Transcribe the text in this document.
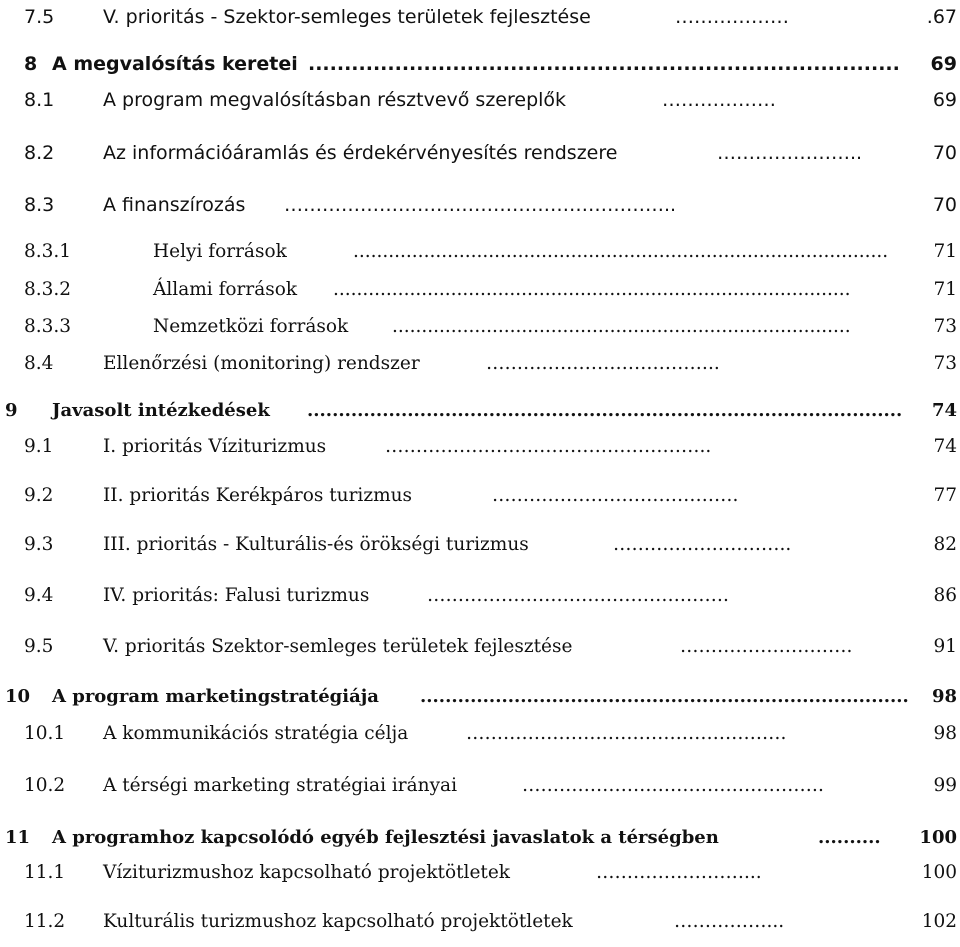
7.5	V. prioritás - Szektor-semleges területek fejlesztése	………………	.67
8 A megvalósítás keretei ..................................................................................	69
8.1	A program megvalósításban résztvevő szereplők	………………	69
8.2	Az információáramlás és érdekérvényesítés rendszere	…………………..	70
8.3	A finanszírozás ……………………………………………………..	70
8.3.1	Helyi források	...........................................................................................	71
8.3.2	Állami források ........................................................................................	71
8.3.3	Nemzetközi források ..............................................................................	73
8.4	Ellenőrzési (monitoring) rendszer	………………………………..	73
9 Javasolt intézkedések ...............................................................................................	74
9.1	I. prioritás Víziturizmus	……………………………………………..	74
9.2	II. prioritás Kerékpáros turizmus	………………………………….	77
9.3	III. prioritás - Kulturális-és örökségi turizmus	………………………..	82
9.4	IV. prioritás: Falusi turizmus	………………………………………….	86
9.5	V. prioritás Szektor-semleges területek fejlesztése	……………………….	91
10 A program marketingstratégiája ..............................................................................	98
10.1 A kommunikációs stratégia célja	…………………………………………….	98
10.2 A térségi marketing stratégiai irányai	………………………………………….	99
11 A programhoz kapcsolódó egyéb fejlesztési javaslatok a térségben	..........	100
11.1 Víziturizmushoz kapcsolható projektötletek	……………………...	100
11.2 Kulturális turizmushoz kapcsolható projektötletek	……………...	102
